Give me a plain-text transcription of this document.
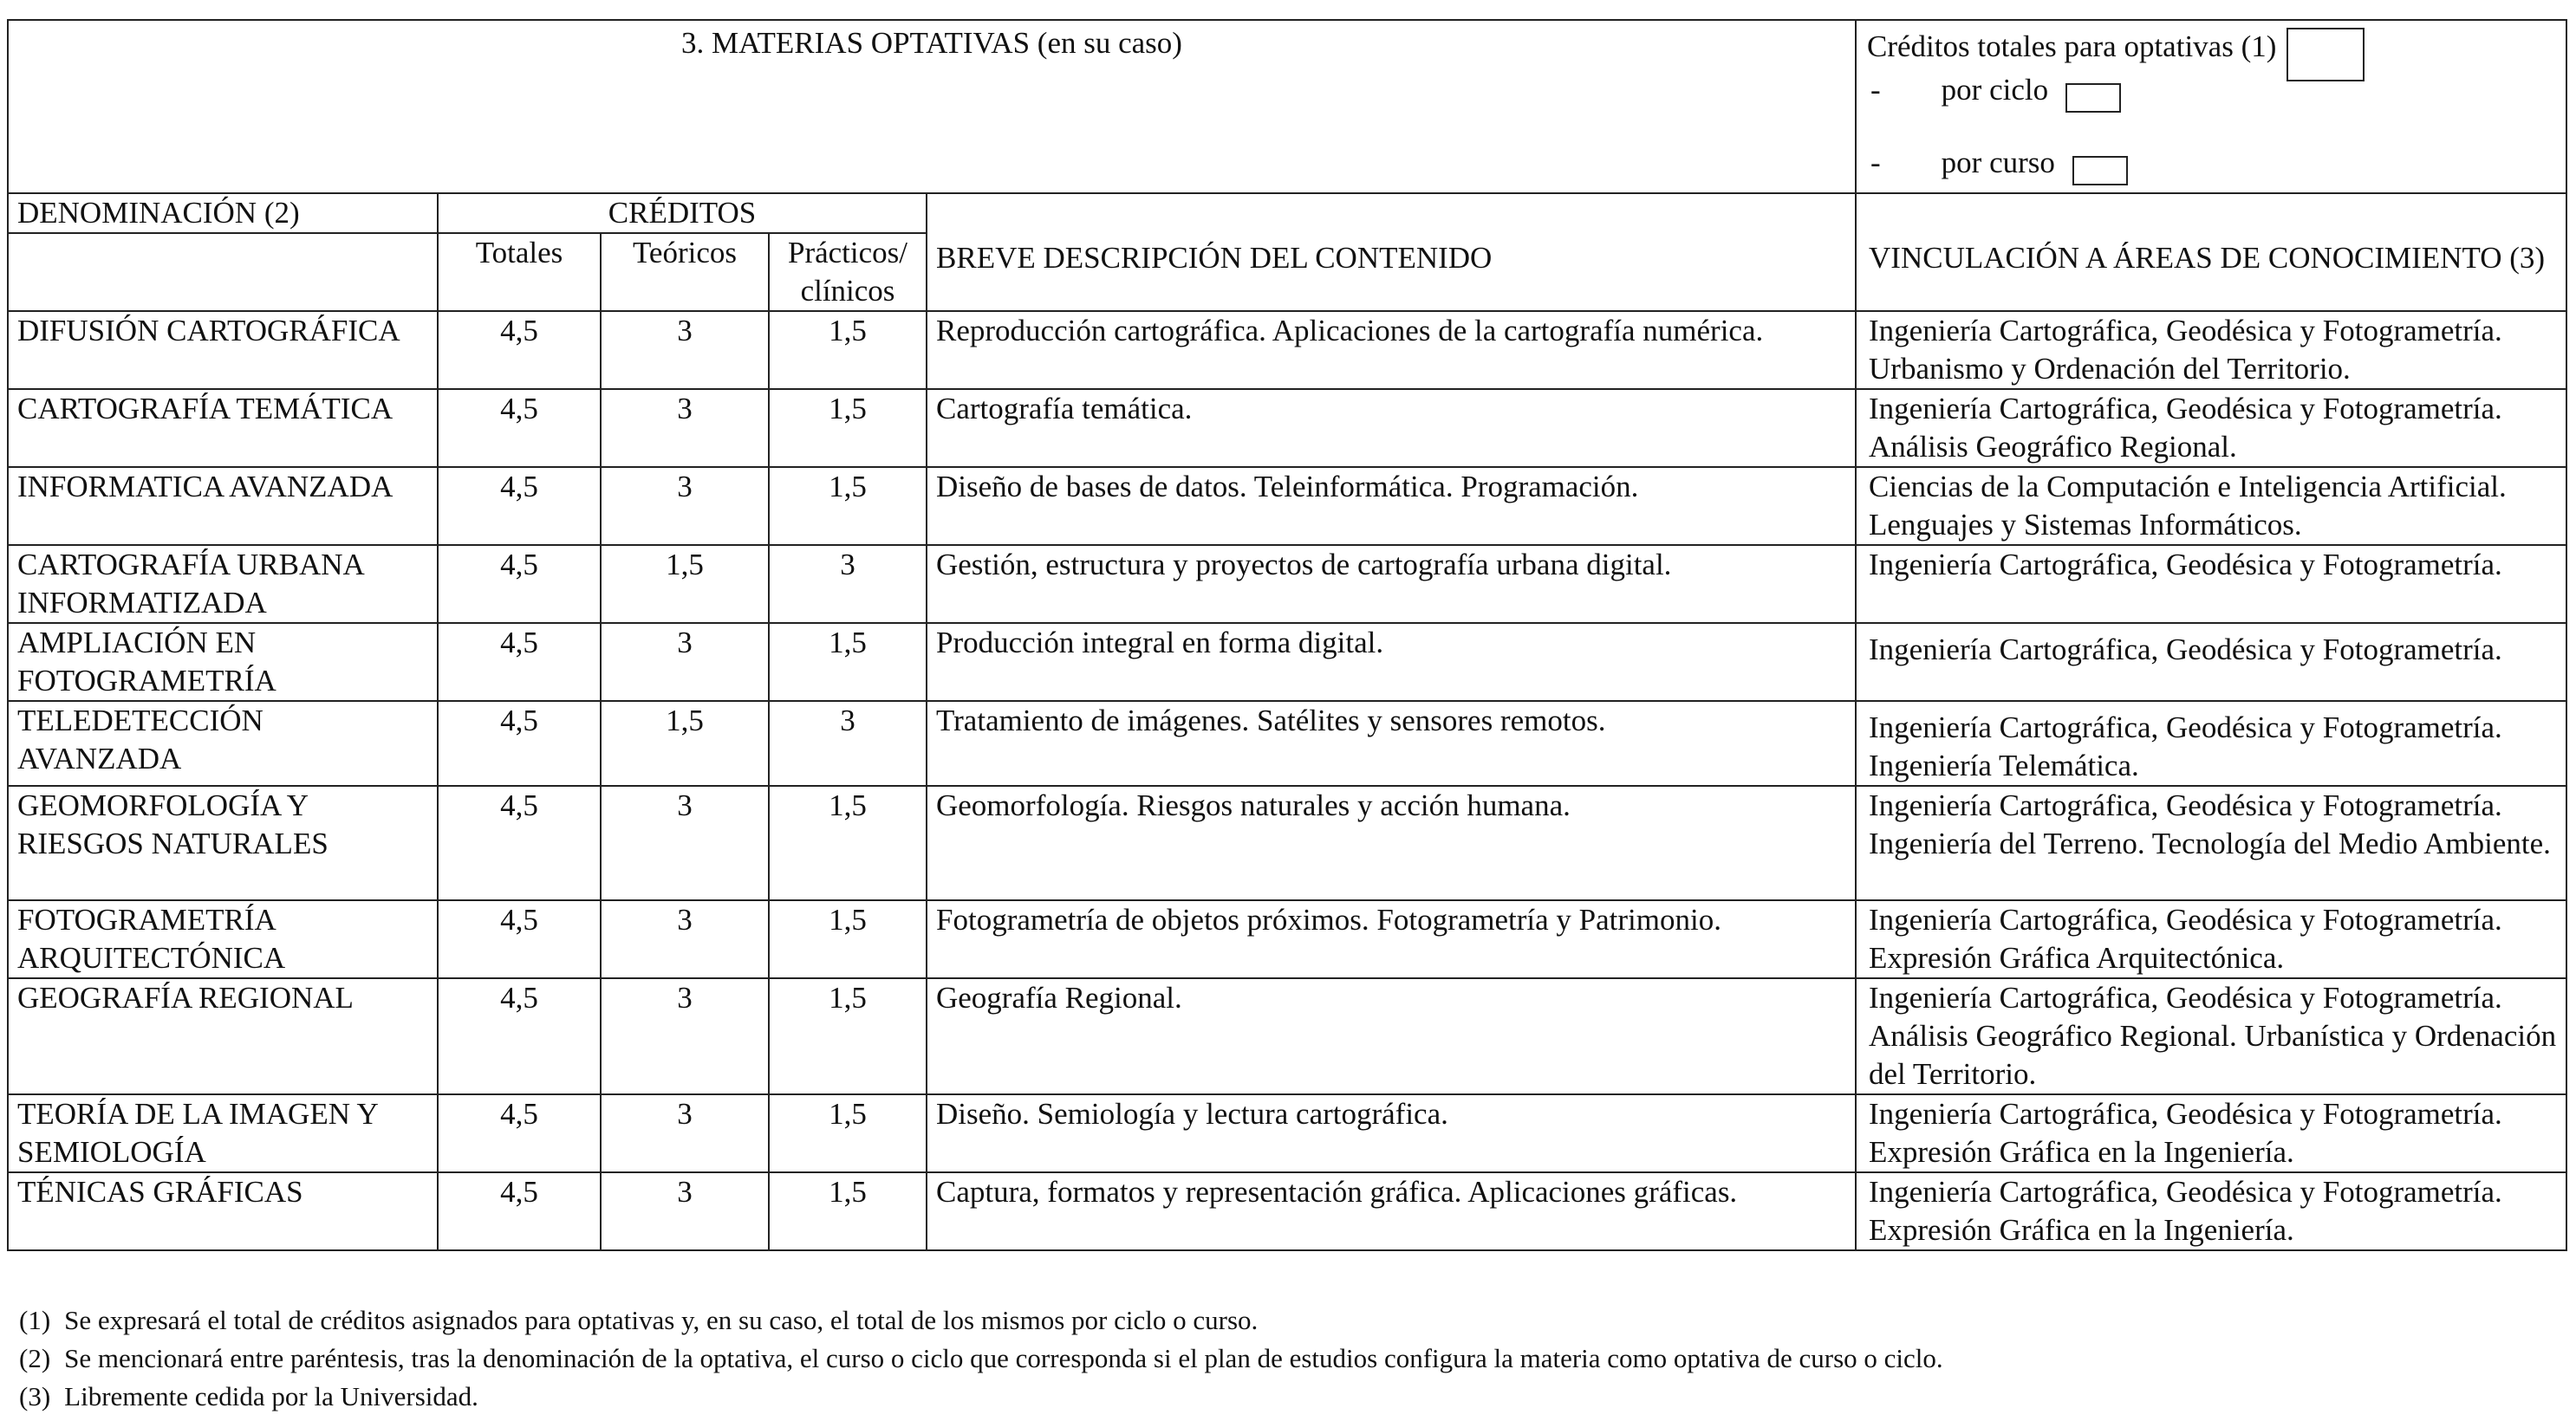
3. MATERIAS OPTATIVAS (en su caso)					Créditos totales para optativas (1)
- por ciclo
- por curso

DENOMINACIÓN (2)	CRÉDITOS			BREVE DESCRIPCIÓN DEL CONTENIDO	VINCULACIÓN A ÁREAS DE CONOCIMIENTO (3)
	Totales	Teóricos	Prácticos/ clínicos		
DIFUSIÓN CARTOGRÁFICA	4,5	3	1,5	Reproducción cartográfica. Aplicaciones de la cartografía numérica.	Ingeniería Cartográfica, Geodésica y Fotogrametría. Urbanismo y Ordenación del Territorio.
CARTOGRAFÍA TEMÁTICA	4,5	3	1,5	Cartografía temática.	Ingeniería Cartográfica, Geodésica y Fotogrametría. Análisis Geográfico Regional.
INFORMATICA AVANZADA	4,5	3	1,5	Diseño de bases de datos. Teleinformática. Programación.	Ciencias de la Computación e Inteligencia Artificial. Lenguajes y Sistemas Informáticos.
CARTOGRAFÍA URBANA INFORMATIZADA	4,5	1,5	3	Gestión, estructura y proyectos de cartografía urbana digital.	Ingeniería Cartográfica, Geodésica y Fotogrametría.
AMPLIACIÓN EN FOTOGRAMETRÍA	4,5	3	1,5	Producción integral en forma digital.	Ingeniería Cartográfica, Geodésica y Fotogrametría.
TELEDETECCIÓN AVANZADA	4,5	1,5	3	Tratamiento de imágenes. Satélites y sensores remotos.	Ingeniería Cartográfica, Geodésica y Fotogrametría. Ingeniería Telemática.
GEOMORFOLOGÍA Y RIESGOS NATURALES	4,5	3	1,5	Geomorfología. Riesgos naturales y acción humana.	Ingeniería Cartográfica, Geodésica y Fotogrametría. Ingeniería del Terreno. Tecnología del Medio Ambiente.
FOTOGRAMETRÍA ARQUITECTÓNICA	4,5	3	1,5	Fotogrametría de objetos próximos. Fotogrametría y Patrimonio.	Ingeniería Cartográfica, Geodésica y Fotogrametría. Expresión Gráfica Arquitectónica.
GEOGRAFÍA REGIONAL	4,5	3	1,5	Geografía Regional.	Ingeniería Cartográfica, Geodésica y Fotogrametría. Análisis Geográfico Regional. Urbanística y Ordenación del Territorio.
TEORÍA DE LA IMAGEN Y SEMIOLOGÍA	4,5	3	1,5	Diseño. Semiología y lectura cartográfica.	Ingeniería Cartográfica, Geodésica y Fotogrametría. Expresión Gráfica en la Ingeniería.
TÉNICAS GRÁFICAS	4,5	3	1,5	Captura, formatos y representación gráfica. Aplicaciones gráficas.	Ingeniería Cartográfica, Geodésica y Fotogrametría. Expresión Gráfica en la Ingeniería.
(1) Se expresará el total de créditos asignados para optativas y, en su caso, el total de los mismos por ciclo o curso.
(2) Se mencionará entre paréntesis, tras la denominación de la optativa, el curso o ciclo que corresponda si el plan de estudios configura la materia como optativa de curso o ciclo.
(3) Libremente cedida por la Universidad.
